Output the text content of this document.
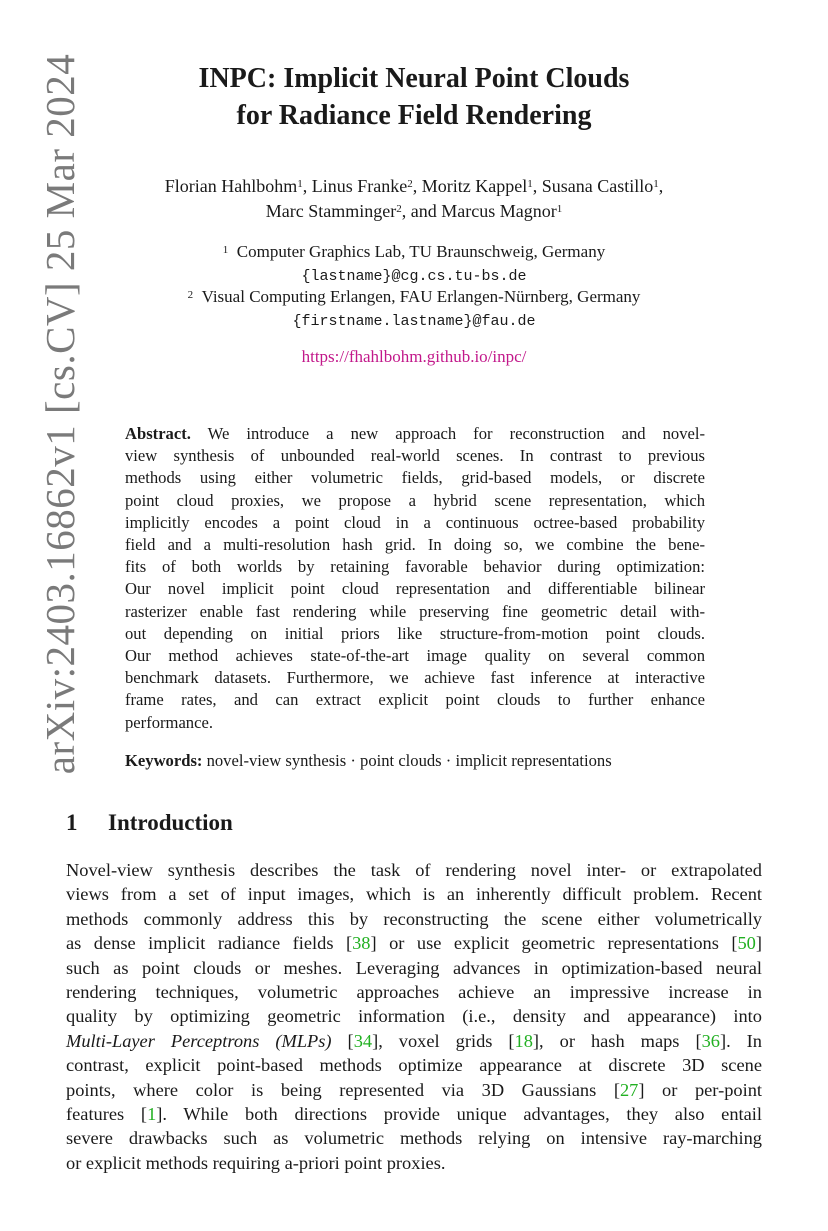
arXiv:2403.16862v1 [cs.CV] 25 Mar 2024	INPC: Implicit Neural Point Clouds
for Radiance Field Rendering
Florian Hahlbohm$^1$, Linus Franke$^2$, Moritz Kappel$^1$, Susana Castillo$^1$,
Marc Stamminger$^2$, and Marcus Magnor$^1$
$^1$ Computer Graphics Lab, TU Braunschweig, Germany
{lastname}@cg.cs.tu-bs.de
$^2$ Visual Computing Erlangen, FAU Erlangen-Nürnberg, Germany
{firstname.lastname}@fau.de
https://fhahlbohm.github.io/inpc/
Abstract. We introduce a new approach for reconstruction and novel-
view synthesis of unbounded real-world scenes. In contrast to previous
methods using either volumetric fields, grid-based models, or discrete
point cloud proxies, we propose a hybrid scene representation, which
implicitly encodes a point cloud in a continuous octree-based probability
field and a multi-resolution hash grid. In doing so, we combine the bene-
fits of both worlds by retaining favorable behavior during optimization:
Our novel implicit point cloud representation and differentiable bilinear
rasterizer enable fast rendering while preserving fine geometric detail with-
out depending on initial priors like structure-from-motion point clouds.
Our method achieves state-of-the-art image quality on several common
benchmark datasets. Furthermore, we achieve fast inference at interactive
frame rates, and can extract explicit point clouds to further enhance
performance.
Keywords: novel-view synthesis · point clouds · implicit representations
1 Introduction
Novel-view synthesis describes the task of rendering novel inter- or extrapolated
views from a set of input images, which is an inherently difficult problem. Recent
methods commonly address this by reconstructing the scene either volumetrically
as dense implicit radiance fields [38] or use explicit geometric representations [50]
such as point clouds or meshes. Leveraging advances in optimization-based neural
rendering techniques, volumetric approaches achieve an impressive increase in
quality by optimizing geometric information (i.e., density and appearance) into
Multi-Layer Perceptrons (MLPs) [34], voxel grids [18], or hash maps [36]. In
contrast, explicit point-based methods optimize appearance at discrete 3D scene
points, where color is being represented via 3D Gaussians [27] or per-point
features [1]. While both directions provide unique advantages, they also entail
severe drawbacks such as volumetric methods relying on intensive ray-marching
or explicit methods requiring a-priori point proxies.
